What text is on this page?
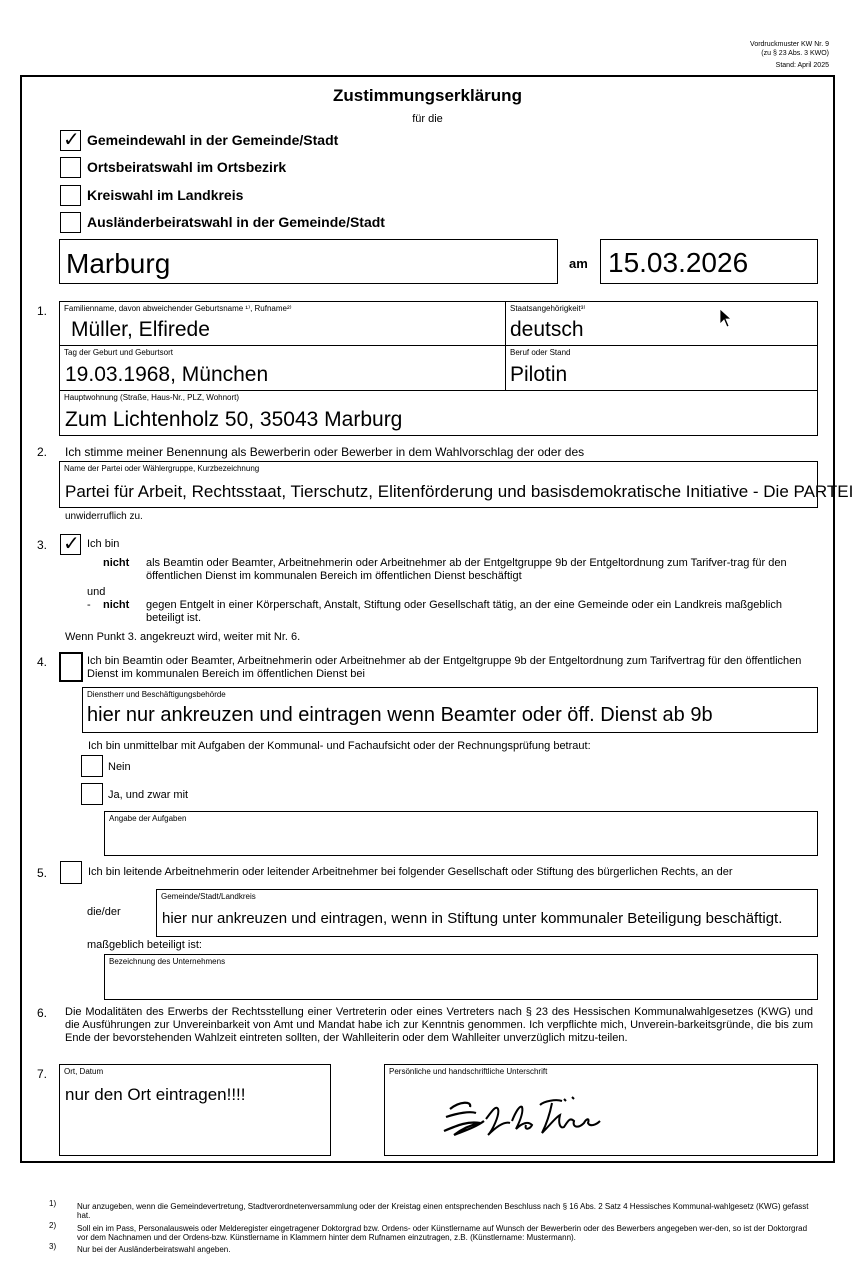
Vordruckmuster KW Nr. 9
(zu § 23 Abs. 3 KWO)
Stand: April 2025
Zustimmungserklärung
für die
✓ Gemeindewahl in der Gemeinde/Stadt
Ortsbeiratswahl im Ortsbezirk
Kreiswahl im Landkreis
Ausländerbeiratswahl in der Gemeinde/Stadt
Marburg	am 15.03.2026
1. Familienname, davon abweichender Geburtsname ¹⁾, Rufname²⁾
Müller, Elfirede
Staatsangehörigkeit³⁾
deutsch
Tag der Geburt und Geburtsort
19.03.1968, München
Beruf oder Stand
Pilotin
Hauptwohnung (Straße, Haus-Nr., PLZ, Wohnort)
Zum Lichtenholz 50, 35043 Marburg
2. Ich stimme meiner Benennung als Bewerberin oder Bewerber in dem Wahlvorschlag der oder des
Name der Partei oder Wählergruppe, Kurzbezeichnung
Partei für Arbeit, Rechtsstaat, Tierschutz, Elitenförderung und basisdemokratische Initiative - Die PARTEI
unwiderruflich zu.
3. ✓ Ich bin
nicht als Beamtin oder Beamter, Arbeitnehmerin oder Arbeitnehmer ab der Entgeltgruppe 9b der Entgeltordnung zum Tarifver-trag für den öffentlichen Dienst im kommunalen Bereich im öffentlichen Dienst beschäftigt
und
- nicht gegen Entgelt in einer Körperschaft, Anstalt, Stiftung oder Gesellschaft tätig, an der eine Gemeinde oder ein Landkreis maßgeblich beteiligt ist.
Wenn Punkt 3. angekreuzt wird, weiter mit Nr. 6.
4.	Ich bin Beamtin oder Beamter, Arbeitnehmerin oder Arbeitnehmer ab der Entgeltgruppe 9b der Entgeltordnung zum Tarifvertrag für den öffentlichen Dienst im kommunalen Bereich im öffentlichen Dienst bei
Dienstherr und Beschäftigungsbehörde
hier nur ankreuzen und eintragen wenn Beamter oder öff. Dienst ab 9b
Ich bin unmittelbar mit Aufgaben der Kommunal- und Fachaufsicht oder der Rechnungsprüfung betraut:
Nein
Ja, und zwar mit
Angabe der Aufgaben
5.	Ich bin leitende Arbeitnehmerin oder leitender Arbeitnehmer bei folgender Gesellschaft oder Stiftung des bürgerlichen Rechts, an der
die/der
Gemeinde/Stadt/Landkreis
hier nur ankreuzen und eintragen, wenn in Stiftung unter kommunaler Beteiligung beschäftigt.
maßgeblich beteiligt ist:
Bezeichnung des Unternehmens
6. Die Modalitäten des Erwerbs der Rechtsstellung einer Vertreterin oder eines Vertreters nach § 23 des Hessischen Kommunalwahlgesetzes (KWG) und die Ausführungen zur Unvereinbarkeit von Amt und Mandat habe ich zur Kenntnis genommen. Ich verpflichte mich, Unverein-barkeitsgründe, die bis zum Ende der bevorstehenden Wahlzeit eintreten sollten, der Wahlleiterin oder dem Wahlleiter unverzüglich mitzu-teilen.
7. Ort, Datum
nur den Ort eintragen!!!!
Persönliche und handschriftliche Unterschrift
1)	Nur anzugeben, wenn die Gemeindevertretung, Stadtverordnetenversammlung oder der Kreistag einen entsprechenden Beschluss nach § 16 Abs. 2 Satz 4 Hessisches Kommunal-wahlgesetz (KWG) gefasst hat.
2)	Soll ein im Pass, Personalausweis oder Melderegister eingetragener Doktorgrad bzw. Ordens- oder Künstlername auf Wunsch der Bewerberin oder des Bewerbers angegeben wer-den, so ist der Doktorgrad vor dem Nachnamen und der Ordens-bzw. Künstlername in Klammern hinter dem Rufnamen einzutragen, z.B. (Künstlername: Mustermann).
3)	Nur bei der Ausländerbeiratswahl angeben.
